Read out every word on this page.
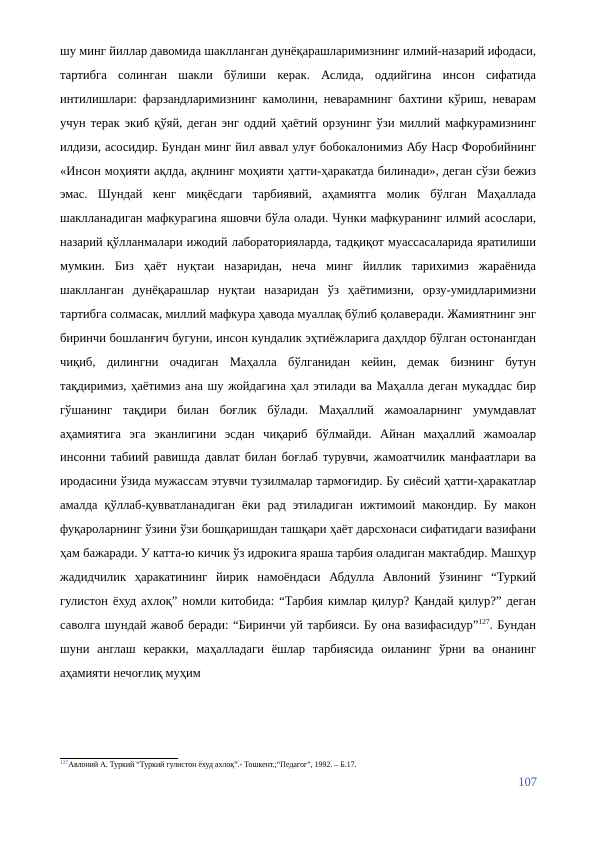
шу минг йиллар давомида шаклланган дунёқарашларимизнинг илмий-назарий ифодаси, тартибга солинган шакли бўлиши керак. Аслида, оддийгина инсон сифатида интилишлари: фарзандларимизнинг камолини, неварамнинг бахтини кўриш, неварам учун терак экиб қўяй, деган энг оддий ҳаётий орзунинг ўзи миллий мафкурамизнинг илдизи, асосидир. Бундан минг йил аввал улуғ бобокалонимиз Абу Наср Форобийнинг «Инсон моҳияти ақлда, ақлнинг моҳияти ҳатти-ҳаракатда билинади», деган сўзи бежиз эмас. Шундай кенг миқёсдаги тарбиявий, аҳамиятга молик бўлган Маҳаллада шаклланадиган мафкурагина яшовчи бўла олади. Чунки мафкуранинг илмий асослари, назарий қўлланмалари ижодий лабораторияларда, тадқиқот муассасаларида яратилиши мумкин. Биз ҳаёт нуқтаи назаридан, неча минг йиллик тарихимиз жараёнида шаклланган дунёқарашлар нуқтаи назаридан ўз ҳаётимизни, орзу-умидларимизни тартибга солмасак, миллий мафкура ҳавода муаллақ бўлиб қолаверади. Жамиятнинг энг биринчи бошланғич бугуни, инсон кундалик эҳтиёжларига даҳлдор бўлган остонангдан чиқиб, дилингни очадиган Маҳалла бўлганидан кейин, демак бизнинг бутун тақдиримиз, ҳаётимиз ана шу жойдагина ҳал этилади ва Маҳалла деган мукаддас бир гўшанинг тақдири билан боғлик бўлади. Маҳаллий жамоаларнинг умумдавлат аҳамиятига эга эканлигини эсдан чиқариб бўлмайди. Айнан маҳаллий жамоалар инсонни табиий равишда давлат билан боғлаб турувчи, жамоатчилик манфаатлари ва иродасини ўзида мужассам этувчи тузилмалар тармоғидир. Бу сиёсий ҳатти-ҳаракатлар амалда қўллаб-қувватланадиган ёки рад этиладиган ижтимоий макондир. Бу макон фуқароларнинг ўзини ўзи бошқаришдан ташқари ҳаёт дарсхонаси сифатидаги вазифани ҳам бажаради. У катта-ю кичик ўз идрокига яраша тарбия оладиган мактабдир. Машҳур жадидчилик ҳаракатининг йирик намоёндаси Абдулла Авлоний ўзининг “Туркий гулистон ёхуд ахлоқ” номли китобида: “Тарбия кимлар қилур? Қандай қилур?” деган саволга шундай жавоб беради: “Биринчи уй тарбияси. Бу она вазифасидур”$^{127}$. Бундан шуни англаш керакки, маҳалладаги ёшлар тарбиясида оиланинг ўрни ва онанинг аҳамияти нечоғлиқ муҳим

$^{127}$Авлоний А. Туркий “Туркий гулистон ёхуд ахлоқ”.- Тошкент.;“Педагог”, 1992. – Б.17.

107
